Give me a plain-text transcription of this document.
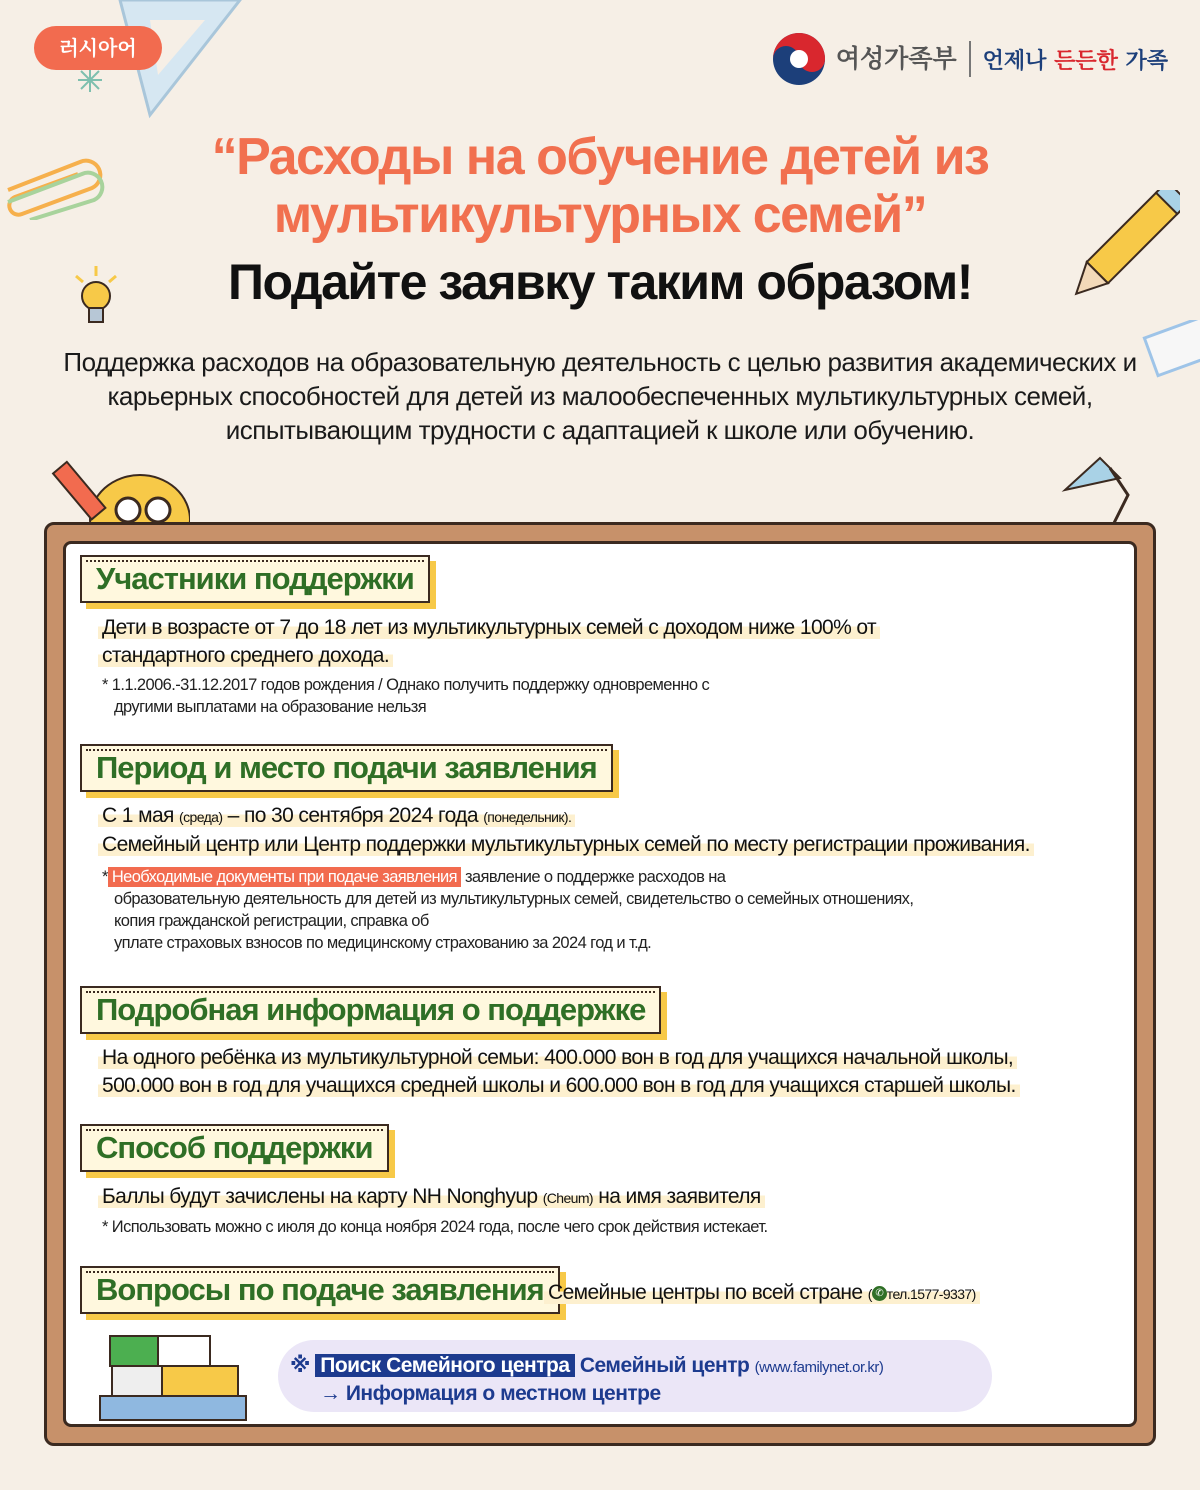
러시아어	여성가족부	언제나 든든한 가족
“Расходы на обучение детей из
мультикультурных семей”
Подайте заявку таким образом!
Поддержка расходов на образовательную деятельность с целью развития академических и карьерных способностей для детей из малообеспеченных мультикультурных семей, испытывающим трудности с адаптацией к школе или обучению.
Участники поддержки
Дети в возрасте от 7 до 18 лет из мультикультурных семей с доходом ниже 100% от
стандартного среднего дохода.
* 1.1.2006.-31.12.2017 годов рождения / Однако получить поддержку одновременно с
другими выплатами на образование нельзя
Период и место подачи заявления
С 1 мая (среда) – по 30 сентября 2024 года (понедельник).
Семейный центр или Центр поддержки мультикультурных семей по месту регистрации проживания.
* Необходимые документы при подаче заявления заявление о поддержке расходов на
образовательную деятельность для детей из мультикультурных семей, свидетельство о семейных отношениях,
копия гражданской регистрации, справка об
уплате страховых взносов по медицинскому страхованию за 2024 год и т.д.
Подробная информация о поддержке
На одного ребёнка из мультикультурной семьи: 400.000 вон в год для учащихся начальной школы,
500.000 вон в год для учащихся средней школы и 600.000 вон в год для учащихся старшей школы.
Способ поддержки
Баллы будут зачислены на карту NH Nonghyup (Cheum) на имя заявителя
* Использовать можно с июля до конца ноября 2024 года, после чего срок действия истекает.
Вопросы по подаче заявления Семейные центры по всей стране ( ✆ тел.1577-9337)
※ Поиск Семейного центра Семейный центр (www.familynet.or.kr)
→ Информация о местном центре
